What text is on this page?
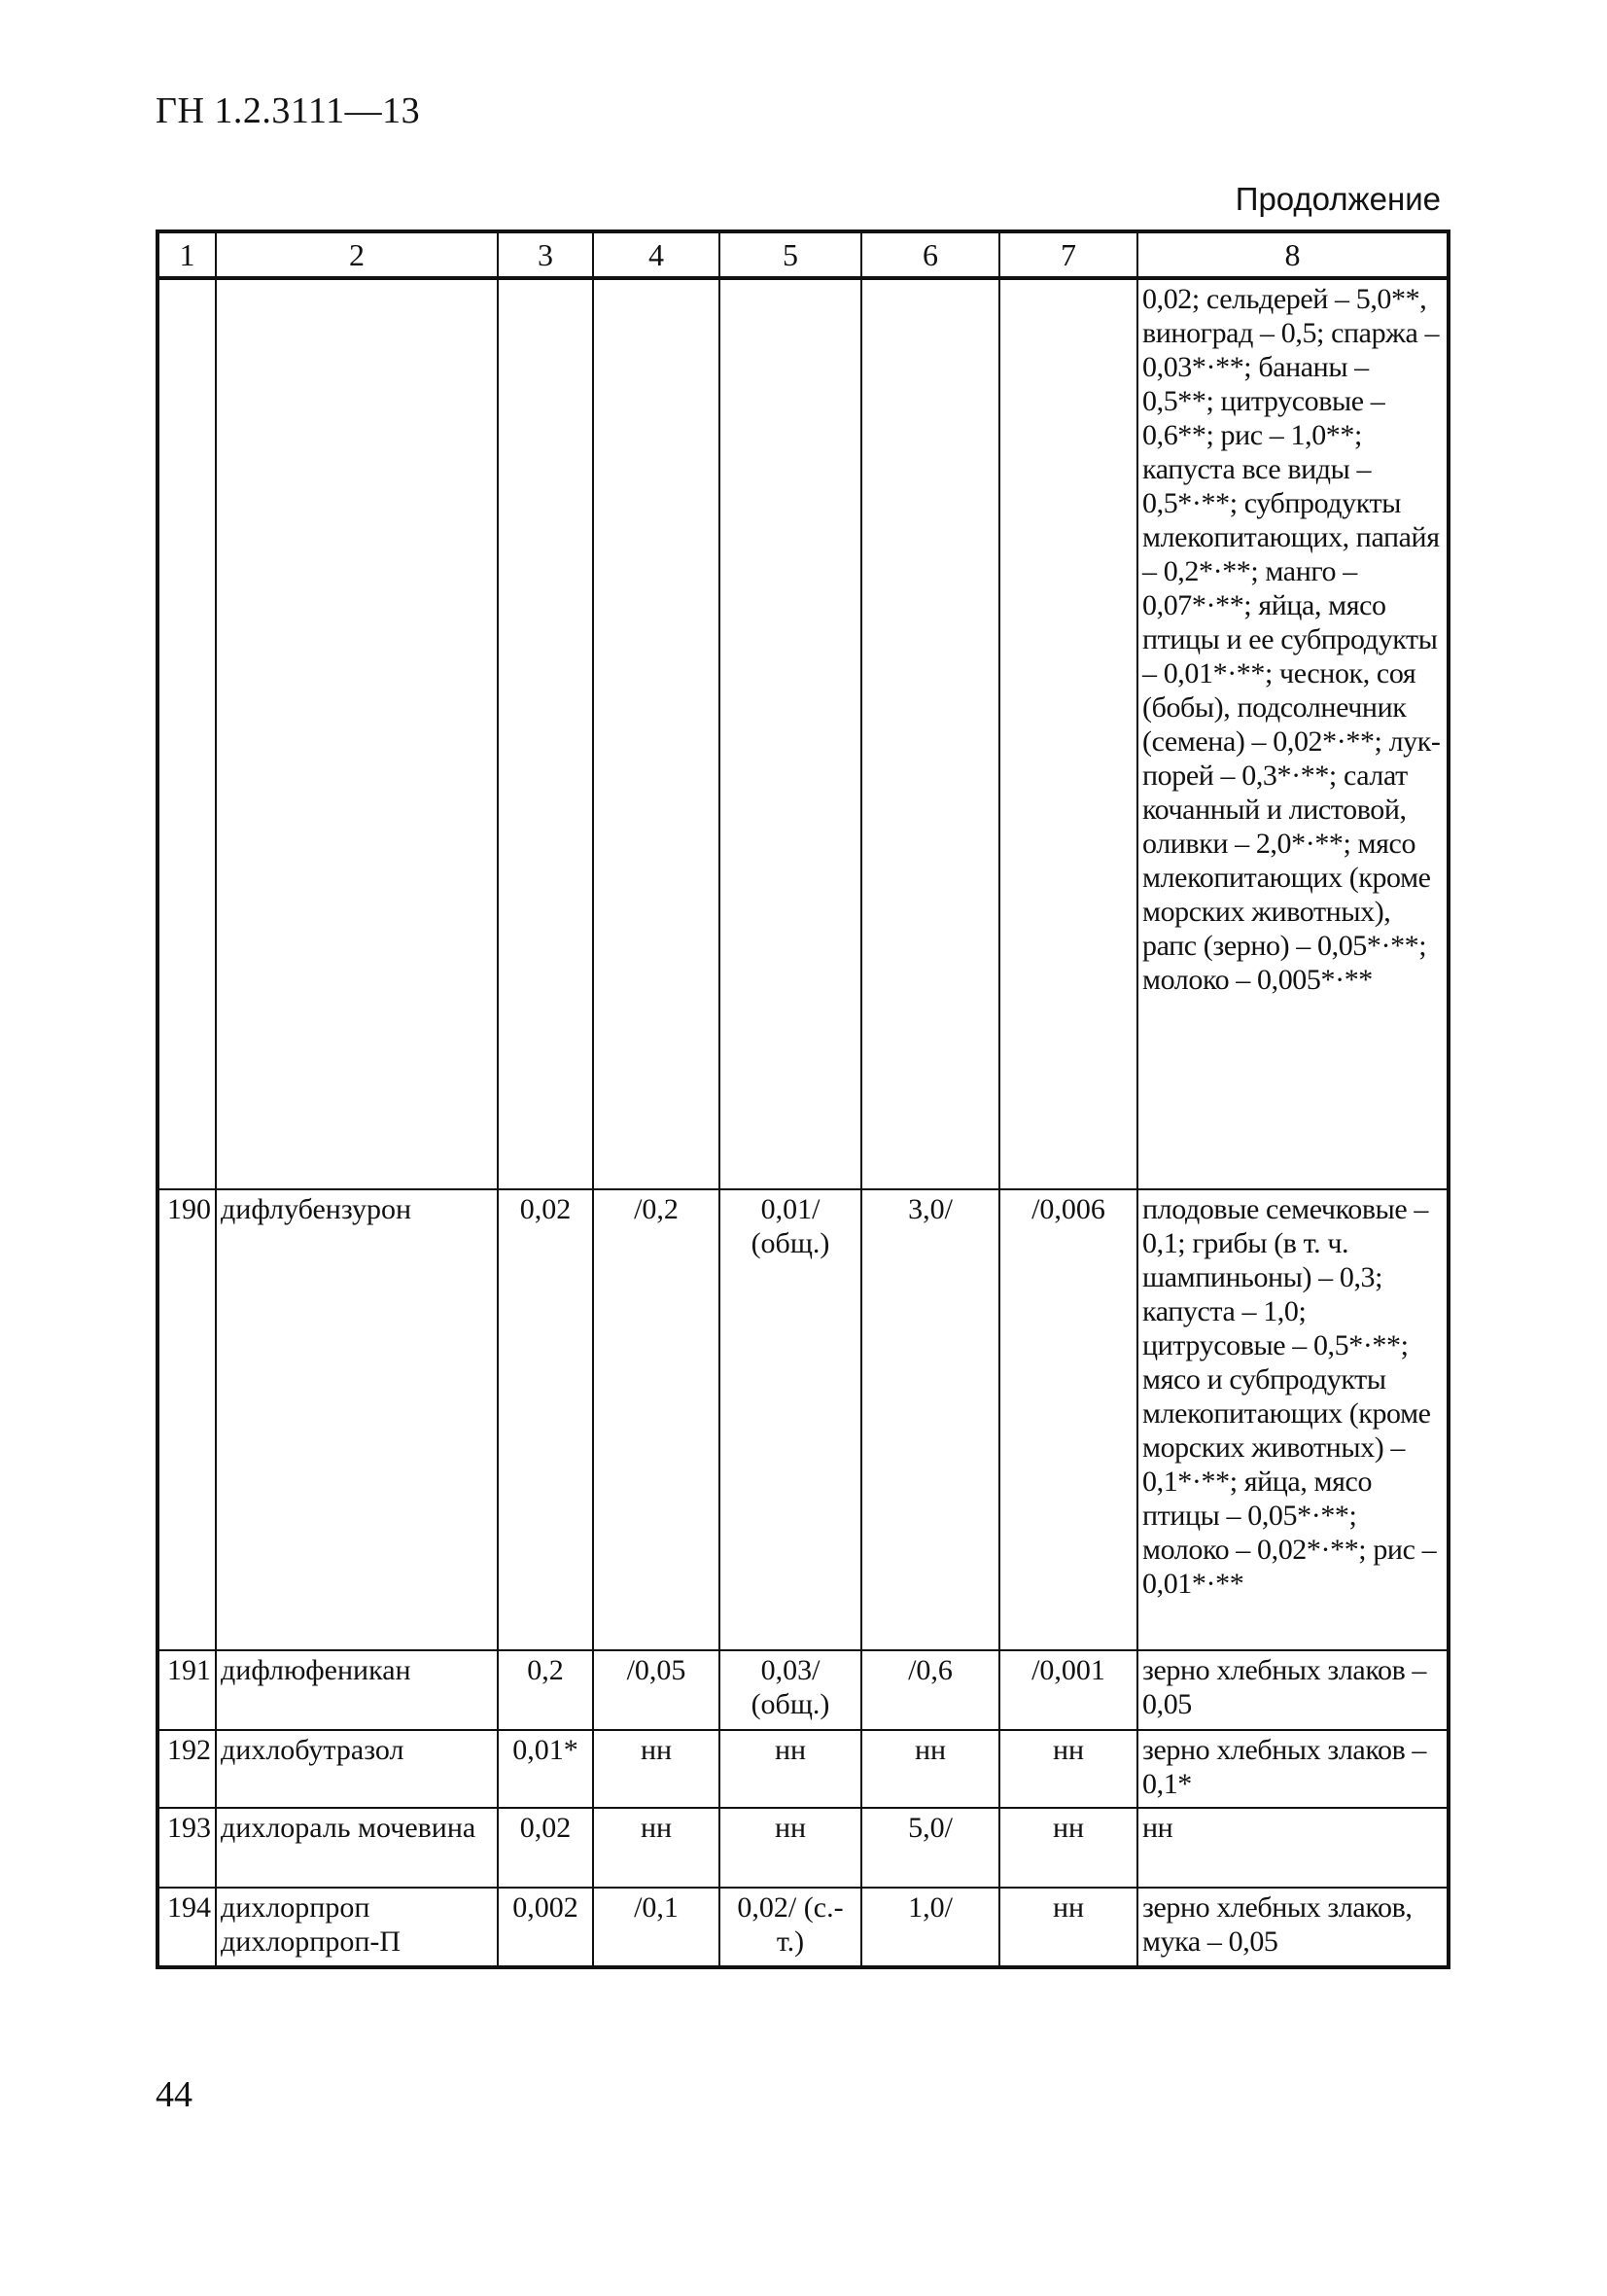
ГН 1.2.3111—13
Продолжение
1	2	3	4	5	6	7	8
							0,02; сельдерей – 5,0**, виноград – 0,5; спаржа – 0,03*·**; бананы – 0,5**; цитрусовые – 0,6**; рис – 1,0**; капуста все виды – 0,5*·**; субпродукты млекопитающих, папайя – 0,2*·**; манго – 0,07*·**; яйца, мясо птицы и ее субпродукты – 0,01*·**; чеснок, соя (бобы), подсолнечник (семена) – 0,02*·**; лук-порей – 0,3*·**; салат кочанный и листовой, оливки – 2,0*·**; мясо млекопитающих (кроме морских животных), рапс (зерно) – 0,05*·**; молоко – 0,005*·**
190	дифлубензурон	0,02	/0,2	0,01/ (общ.)	3,0/	/0,006	плодовые семечковые – 0,1; грибы (в т. ч. шампиньоны) – 0,3; капуста – 1,0; цитрусовые – 0,5*·**; мясо и субпродукты млекопитающих (кроме морских животных) – 0,1*·**; яйца, мясо птицы – 0,05*·**; молоко – 0,02*·**; рис – 0,01*·**
191	дифлюфеникан	0,2	/0,05	0,03/ (общ.)	/0,6	/0,001	зерно хлебных злаков – 0,05
192	дихлобутразол	0,01*	нн	нн	нн	нн	зерно хлебных злаков – 0,1*
193	дихлораль мочевина	0,02	нн	нн	5,0/	нн	нн
194	дихлорпроп дихлорпроп-П	0,002	/0,1	0,02/ (с.-т.)	1,0/	нн	зерно хлебных злаков, мука – 0,05
44
